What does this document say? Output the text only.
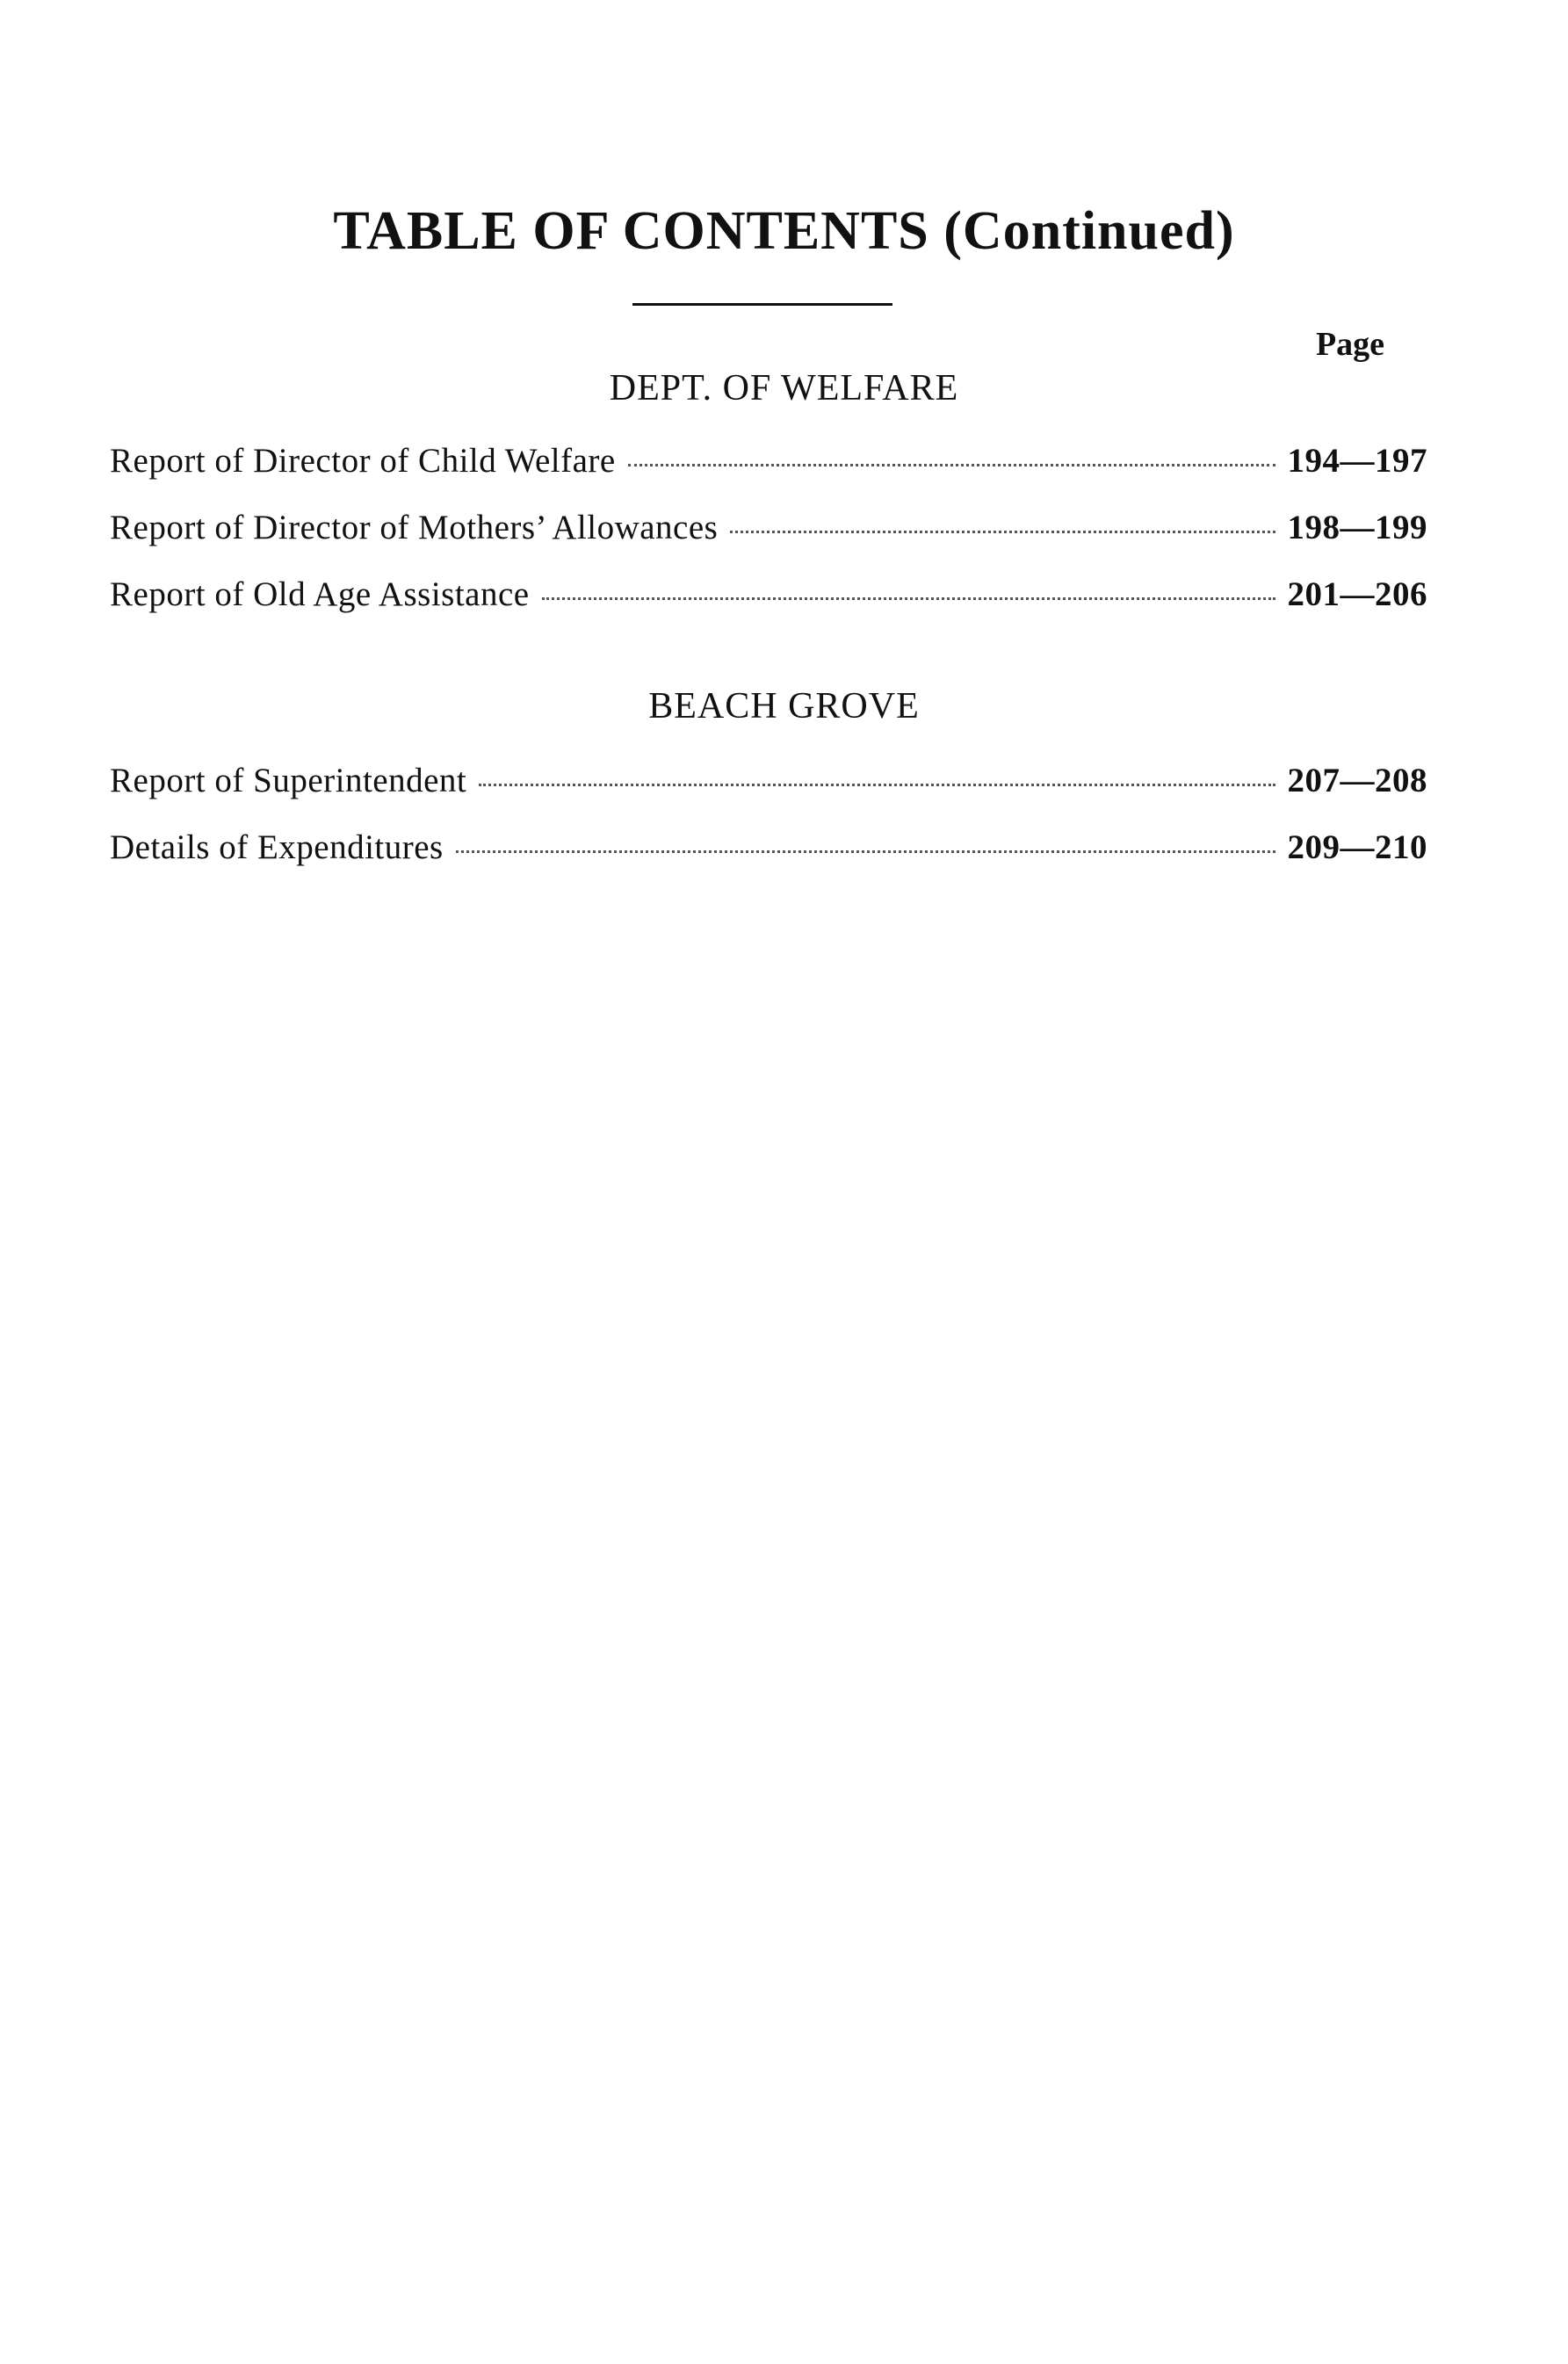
TABLE OF CONTENTS (Continued)
Page
DEPT. OF WELFARE
Report of Director of Child Welfare	194—197
Report of Director of Mothers’ Allowances	198—199
Report of Old Age Assistance	201—206
BEACH GROVE
Report of Superintendent	207—208
Details of Expenditures	209—210
